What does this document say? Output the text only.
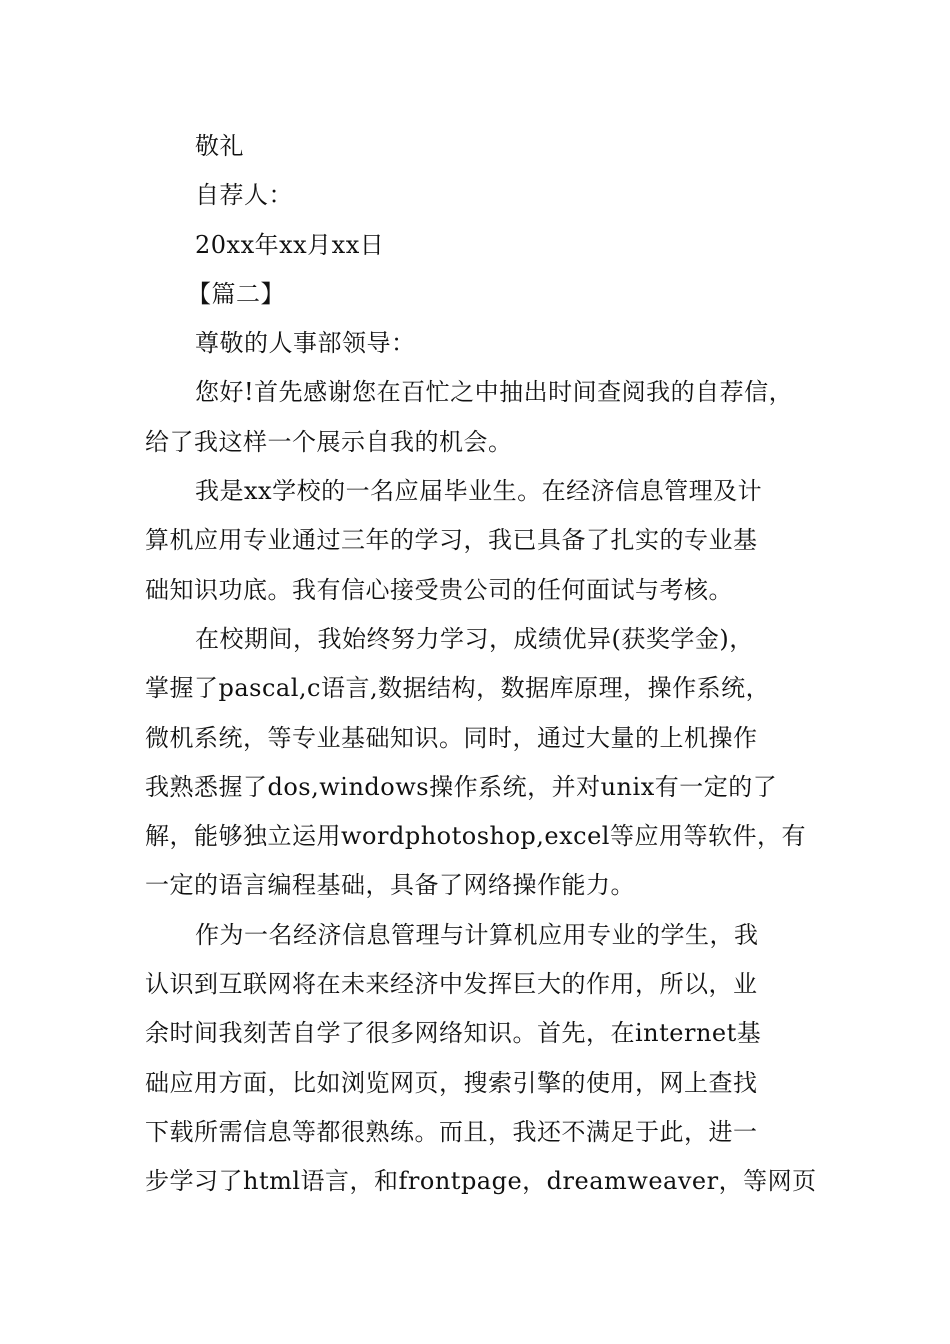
敬礼
自荐人：
20xx年xx月xx日
【篇二】
尊敬的人事部领导：
您好!首先感谢您在百忙之中抽出时间查阅我的自荐信，
给了我这样一个展示自我的机会。
我是xx学校的一名应届毕业生。在经济信息管理及计
算机应用专业通过三年的学习，我已具备了扎实的专业基
础知识功底。我有信心接受贵公司的任何面试与考核。
在校期间，我始终努力学习，成绩优异(获奖学金)，
掌握了pascal,c语言,数据结构，数据库原理，操作系统，
微机系统，等专业基础知识。同时，通过大量的上机操作
我熟悉握了dos,windows操作系统，并对unix有一定的了
解，能够独立运用wordphotoshop,excel等应用等软件，有
一定的语言编程基础，具备了网络操作能力。
作为一名经济信息管理与计算机应用专业的学生，我
认识到互联网将在未来经济中发挥巨大的作用，所以，业
余时间我刻苦自学了很多网络知识。首先，在internet基
础应用方面，比如浏览网页，搜索引擎的使用，网上查找
下载所需信息等都很熟练。而且，我还不满足于此，进一
步学习了html语言，和frontpage，dreamweaver，等网页
